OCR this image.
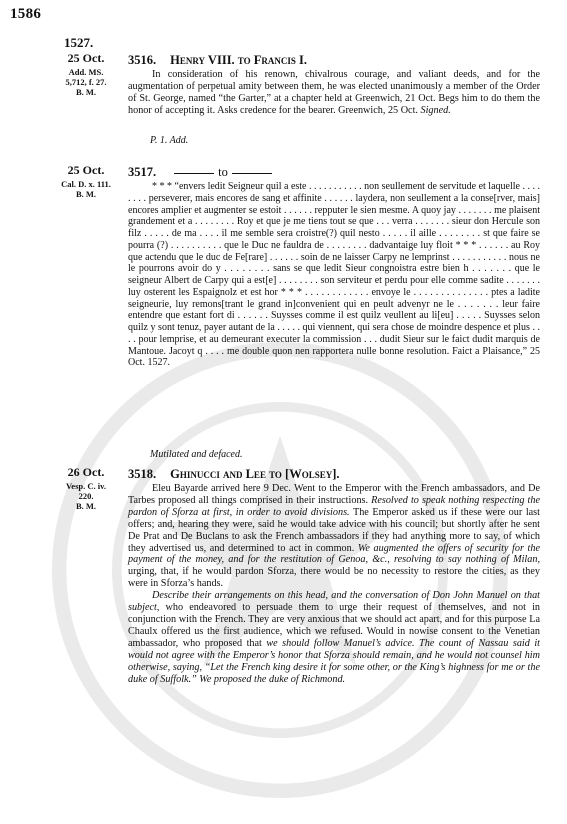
1586
1527.
25 Oct.
Add. MS.
5,712, f. 27.
B. M.
3516. Henry VIII. to Francis I.
In consideration of his renown, chivalrous courage, and valiant deeds, and for the augmentation of perpetual amity between them, he was elected unanimously a member of the Order of St. George, named “the Garter,” at a chapter held at Greenwich, 21 Oct. Begs him to do them the honor of accepting it. Asks credence for the bearer. Greenwich, 25 Oct. Signed.
P. 1. Add.
25 Oct.
Cal. D. x. 111.
B. M.
3517.	to
* * * “envers ledit Seigneur quil a este . . . . . . . . . . . non seullement de servitude et laquelle . . . . . . . . perseverer, mais encores de sang et affinite . . . . . . laydera, non seullement a la conse[rver, mais] encores amplier et augmenter se estoit . . . . . . repputer le sien mesme. A quoy jay . . . . . . . me plaisent grandement et a . . . . . . . . Roy et que je me tiens tout se que . . . verra . . . . . . . sieur don Hercule son filz . . . . . de ma . . . . il me semble sera croistre(?) quil nesto . . . . . il aille . . . . . . . . st que faire se pourra (?) . . . . . . . . . . que le Duc ne fauldra de . . . . . . . . dadvantaige luy floit * * * . . . . . . au Roy que actendu que le duc de Fe[rare] . . . . . . soin de ne laisser Carpy ne lemprinst . . . . . . . . . . . nous ne le pourrons avoir do y . . . . . . . . sans se que ledit Sieur congnoistra estre bien h . . . . . . . que le seigneur Albert de Carpy qui a est[e] . . . . . . . . son serviteur et perdu pour elle comme sadite . . . . . . . luy osterent les Espaignolz et est hor * * * . . . . . . . . . . . . envoye le . . . . . . . . . . . . . . ptes a ladite seigneurie, luy remons[trant le grand in]convenient qui en peult advenyr ne le . . . . . . . leur faire entendre que estant fort di . . . . . . Suysses comme il est quilz veullent au li[eu] . . . . . Suysses selon quilz y sont tenuz, payer autant de la . . . . . qui viennent, qui sera chose de moindre despence et plus . . . . pour lemprise, et au demeurant executer la commission . . . dudit Sieur sur le faict dudit marquis de Mantoue. Jacoyt q . . . . me double quon nen rapportera nulle bonne resolution. Faict a Plaisance,” 25 Oct. 1527.
Mutilated and defaced.
26 Oct.
Vesp. C. iv.
220.
B. M.
3518. Ghinucci and Lee to [Wolsey].

Eleu Bayarde arrived here 9 Dec. Went to the Emperor with the French ambassadors, and De Tarbes proposed all things comprised in their instructions. Resolved to speak nothing respecting the pardon of Sforza at first, in order to avoid divisions. The Emperor asked us if these were our last offers; and, hearing they were, said he would take advice with his council; but shortly after he sent De Prat and De Buclans to ask the French ambassadors if they had anything more to say, of which they advertised us, and determined to act in common. We augmented the offers of security for the payment of the money, and for the restitution of Genoa, &c., resolving to say nothing of Milan, urging, that, if he would pardon Sforza, there would be no necessity to restore the cities, as they were in Sforza’s hands.

Describe their arrangements on this head, and the conversation of Don John Manuel on that subject, who endeavored to persuade them to urge their request of themselves, and not in conjunction with the French. They are very anxious that we should act apart, and for this purpose La Chaulx offered us the first audience, which we refused. Would in nowise consent to the Venetian ambassador, who proposed that we should follow Manuel’s advice. The count of Nassau said it would not agree with the Emperor’s honor that Sforza should remain, and he would not counsel him otherwise, saying, “Let the French king desire it for some other, or the King’s highness for me or the duke of Suffolk.” We proposed the duke of Richmond.
